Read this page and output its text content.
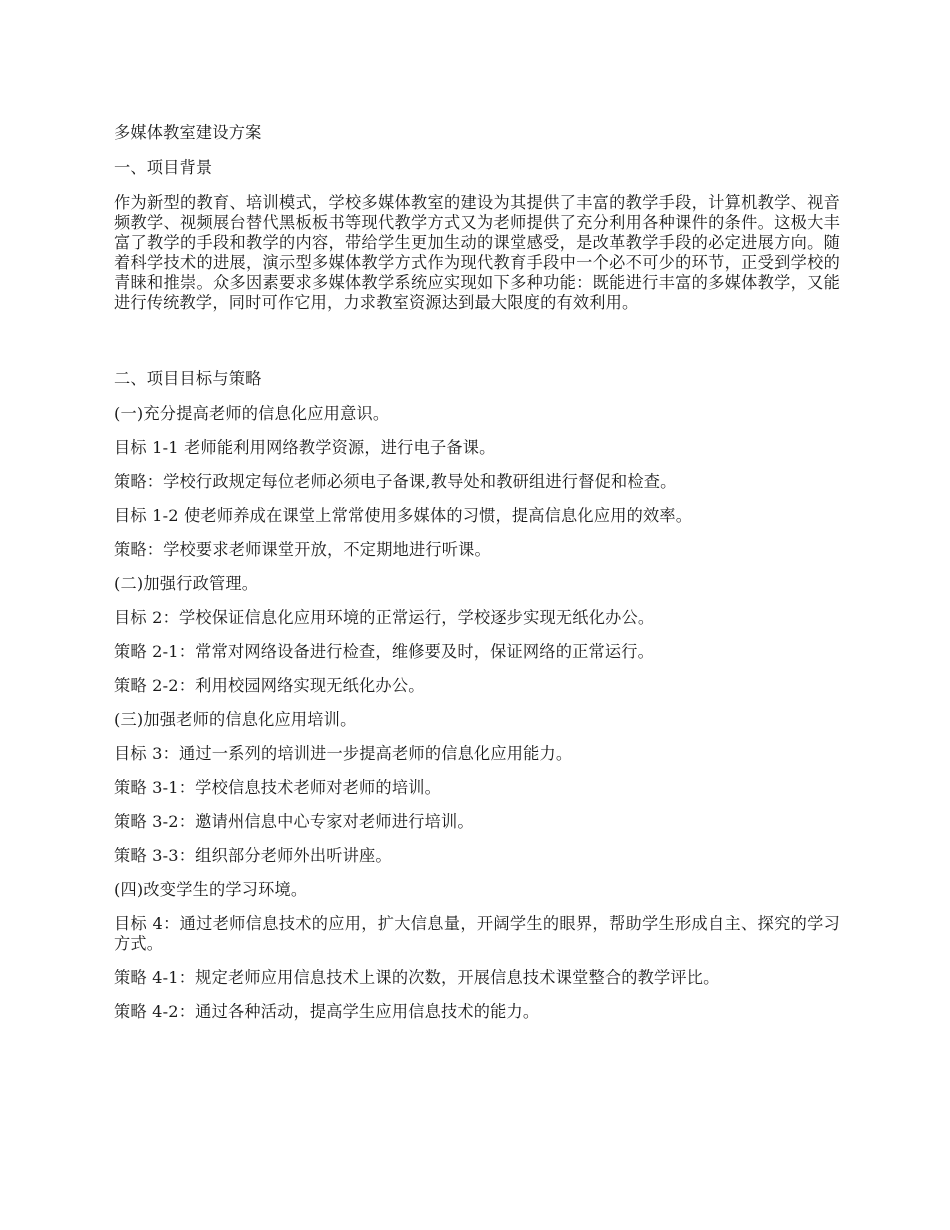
多媒体教室建设方案

一、项目背景

作为新型的教育、培训模式，学校多媒体教室的建设为其提供了丰富的教学手段，计算机教学、视音频教学、视频展台替代黑板板书等现代教学方式又为老师提供了充分利用各种课件的条件。这极大丰富了教学的手段和教学的内容，带给学生更加生动的课堂感受，是改革教学手段的必定进展方向。随着科学技术的进展，演示型多媒体教学方式作为现代教育手段中一个必不可少的环节，正受到学校的青睐和推崇。众多因素要求多媒体教学系统应实现如下多种功能：既能进行丰富的多媒体教学，又能进行传统教学，同时可作它用，力求教室资源达到最大限度的有效利用。

二、项目目标与策略

(一)充分提高老师的信息化应用意识。

目标 1-1 老师能利用网络教学资源，进行电子备课。

策略：学校行政规定每位老师必须电子备课,教导处和教研组进行督促和检查。

目标 1-2 使老师养成在课堂上常常使用多媒体的习惯，提高信息化应用的效率。

策略：学校要求老师课堂开放，不定期地进行听课。

(二)加强行政管理。

目标 2：学校保证信息化应用环境的正常运行，学校逐步实现无纸化办公。

策略 2-1：常常对网络设备进行检查，维修要及时，保证网络的正常运行。

策略 2-2：利用校园网络实现无纸化办公。

(三)加强老师的信息化应用培训。

目标 3：通过一系列的培训进一步提高老师的信息化应用能力。

策略 3-1：学校信息技术老师对老师的培训。

策略 3-2：邀请州信息中心专家对老师进行培训。

策略 3-3：组织部分老师外出听讲座。

(四)改变学生的学习环境。

目标 4：通过老师信息技术的应用，扩大信息量，开阔学生的眼界，帮助学生形成自主、探究的学习方式。

策略 4-1：规定老师应用信息技术上课的次数，开展信息技术课堂整合的教学评比。

策略 4-2：通过各种活动，提高学生应用信息技术的能力。
